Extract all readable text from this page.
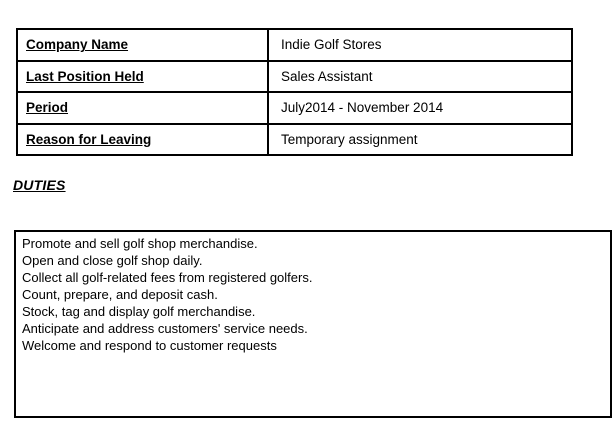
Company Name	Indie Golf Stores
Last Position Held	Sales Assistant
Period	July2014 - November 2014
Reason for Leaving	Temporary assignment
DUTIES
Promote and sell golf shop merchandise.
Open and close golf shop daily.
Collect all golf-related fees from registered golfers.
Count, prepare, and deposit cash.
Stock, tag and display golf merchandise.
Anticipate and address customers' service needs.
Welcome and respond to customer requests
